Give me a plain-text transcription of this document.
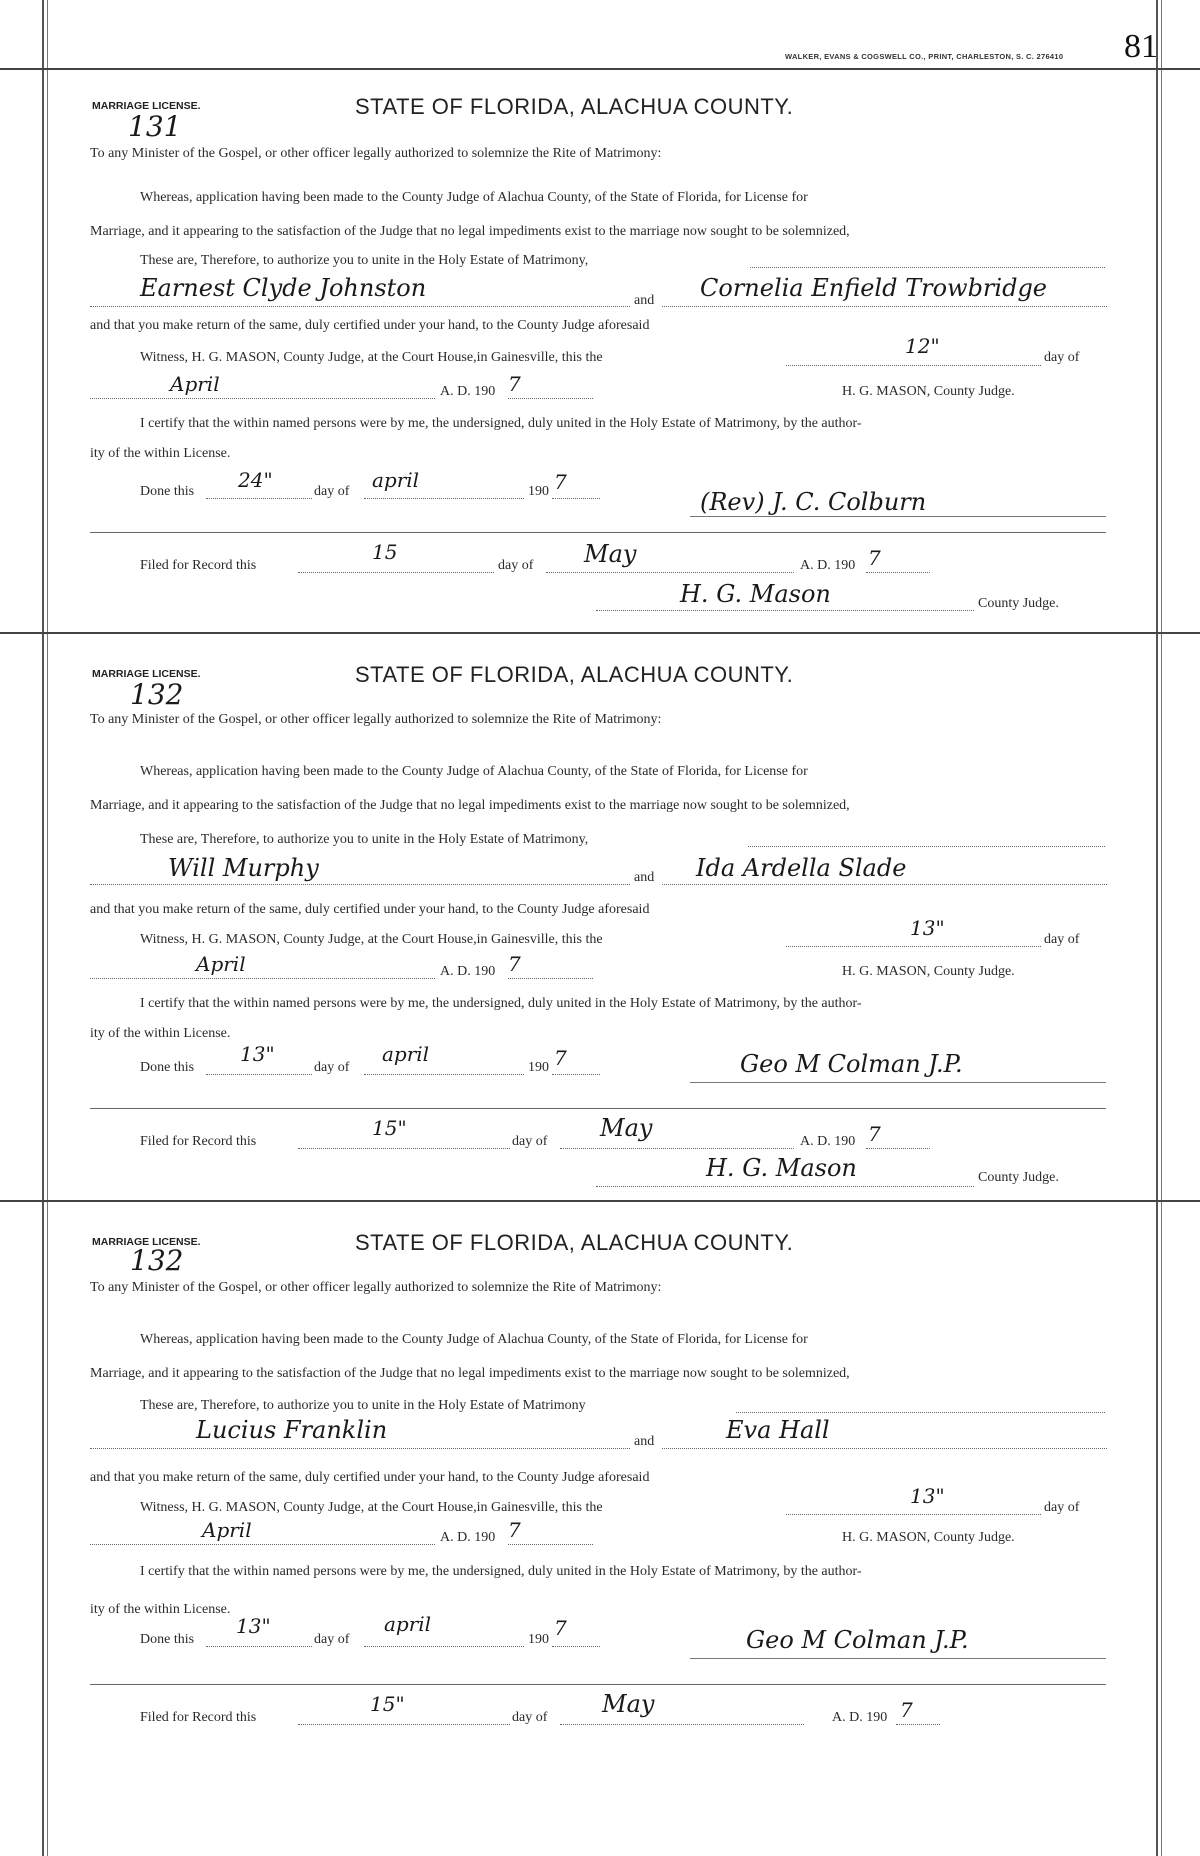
WALKER, EVANS & COGSWELL CO., PRINT, CHARLESTON, S. C. 276410 81
MARRIAGE LICENSE.
131
STATE OF FLORIDA, ALACHUA COUNTY.
To any Minister of the Gospel, or other officer legally authorized to solemnize the Rite of Matrimony:
Whereas, application having been made to the County Judge of Alachua County, of the State of Florida, for License for
Marriage, and it appearing to the satisfaction of the Judge that no legal impediments exist to the marriage now sought to be solemnized,
These are, Therefore, to authorize you to unite in the Holy Estate of Matrimony,
Earnest Clyde Johnston	and Cornelia Enfield Trowbridge
and that you make return of the same, duly certified under your hand, to the County Judge aforesaid
Witness, H. G. MASON, County Judge, at the Court House,in Gainesville, this the	12"	day of
April	A. D. 190 7	H. G. MASON, County Judge.
I certify that the within named persons were by me, the undersigned, duly united in the Holy Estate of Matrimony, by the author-
ity of the within License.
Done this 24"	day of april	190 7
(Rev) J. C. Colburn
Filed for Record this
15
day of May	A. D. 190 7
H. G. Mason	County Judge.
MARRIAGE LICENSE.
132
STATE OF FLORIDA, ALACHUA COUNTY.
To any Minister of the Gospel, or other officer legally authorized to solemnize the Rite of Matrimony:
Whereas, application having been made to the County Judge of Alachua County, of the State of Florida, for License for
Marriage, and it appearing to the satisfaction of the Judge that no legal impediments exist to the marriage now sought to be solemnized,
These are, Therefore, to authorize you to unite in the Holy Estate of Matrimony,
Will Murphy	and Ida Ardella Slade
and that you make return of the same, duly certified under your hand, to the County Judge aforesaid
Witness, H. G. MASON, County Judge, at the Court House,in Gainesville, this the	13"	day of
April	A. D. 190 7	H. G. MASON, County Judge.
I certify that the within named persons were by me, the undersigned, duly united in the Holy Estate of Matrimony, by the author-
ity of the within License.
Done this
13"
day of
april
190 7	Geo M Colman J.P.
Filed for Record this
15"
day of May	A. D. 190 7
H. G. Mason	County Judge.
MARRIAGE LICENSE.
132
STATE OF FLORIDA, ALACHUA COUNTY.
To any Minister of the Gospel, or other officer legally authorized to solemnize the Rite of Matrimony:
Whereas, application having been made to the County Judge of Alachua County, of the State of Florida, for License for
Marriage, and it appearing to the satisfaction of the Judge that no legal impediments exist to the marriage now sought to be solemnized,
These are, Therefore, to authorize you to unite in the Holy Estate of Matrimony
Lucius Franklin	and	Eva Hall
and that you make return of the same, duly certified under your hand, to the County Judge aforesaid
Witness, H. G. MASON, County Judge, at the Court House,in Gainesville, this the	13"	day of
April	A. D. 190 7	H. G. MASON, County Judge.
I certify that the within named persons were by me, the undersigned, duly united in the Holy Estate of Matrimony, by the author-
ity of the within License.
Done this
13"
day of
april
190 7	Geo M Colman J.P.
Filed for Record this
15"
day of May	A. D. 190 7
